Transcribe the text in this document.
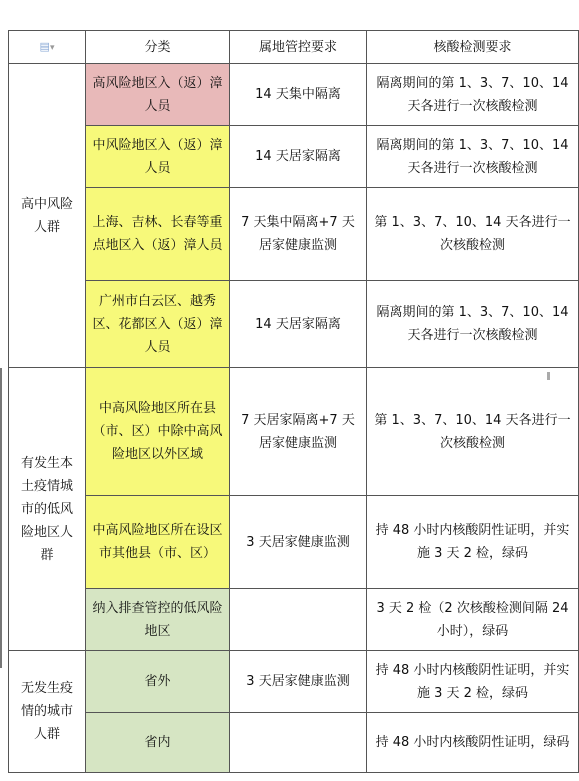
▤▾	分类	属地管控要求	核酸检测要求
高中风险人群	高风险地区入（返）漳人员	14 天集中隔离	隔离期间的第 1、3、7、10、14 天各进行一次核酸检测
	中风险地区入（返）漳人员	14 天居家隔离	隔离期间的第 1、3、7、10、14 天各进行一次核酸检测
	上海、吉林、长春等重点地区入（返）漳人员	7 天集中隔离+7 天居家健康监测	第 1、3、7、10、14 天各进行一次核酸检测
	广州市白云区、越秀区、花都区入（返）漳人员	14 天居家隔离	隔离期间的第 1、3、7、10、14 天各进行一次核酸检测
有发生本土疫情城市的低风险地区人群	中高风险地区所在县（市、区）中除中高风险地区以外区域	7 天居家隔离+7 天居家健康监测	第 1、3、7、10、14 天各进行一次核酸检测
	中高风险地区所在设区市其他县（市、区）	3 天居家健康监测	持 48 小时内核酸阴性证明，并实施 3 天 2 检，绿码
	纳入排查管控的低风险地区		3 天 2 检（2 次核酸检测间隔 24 小时），绿码
无发生疫情的城市人群	省外	3 天居家健康监测	持 48 小时内核酸阴性证明，并实施 3 天 2 检，绿码
	省内		持 48 小时内核酸阴性证明，绿码
